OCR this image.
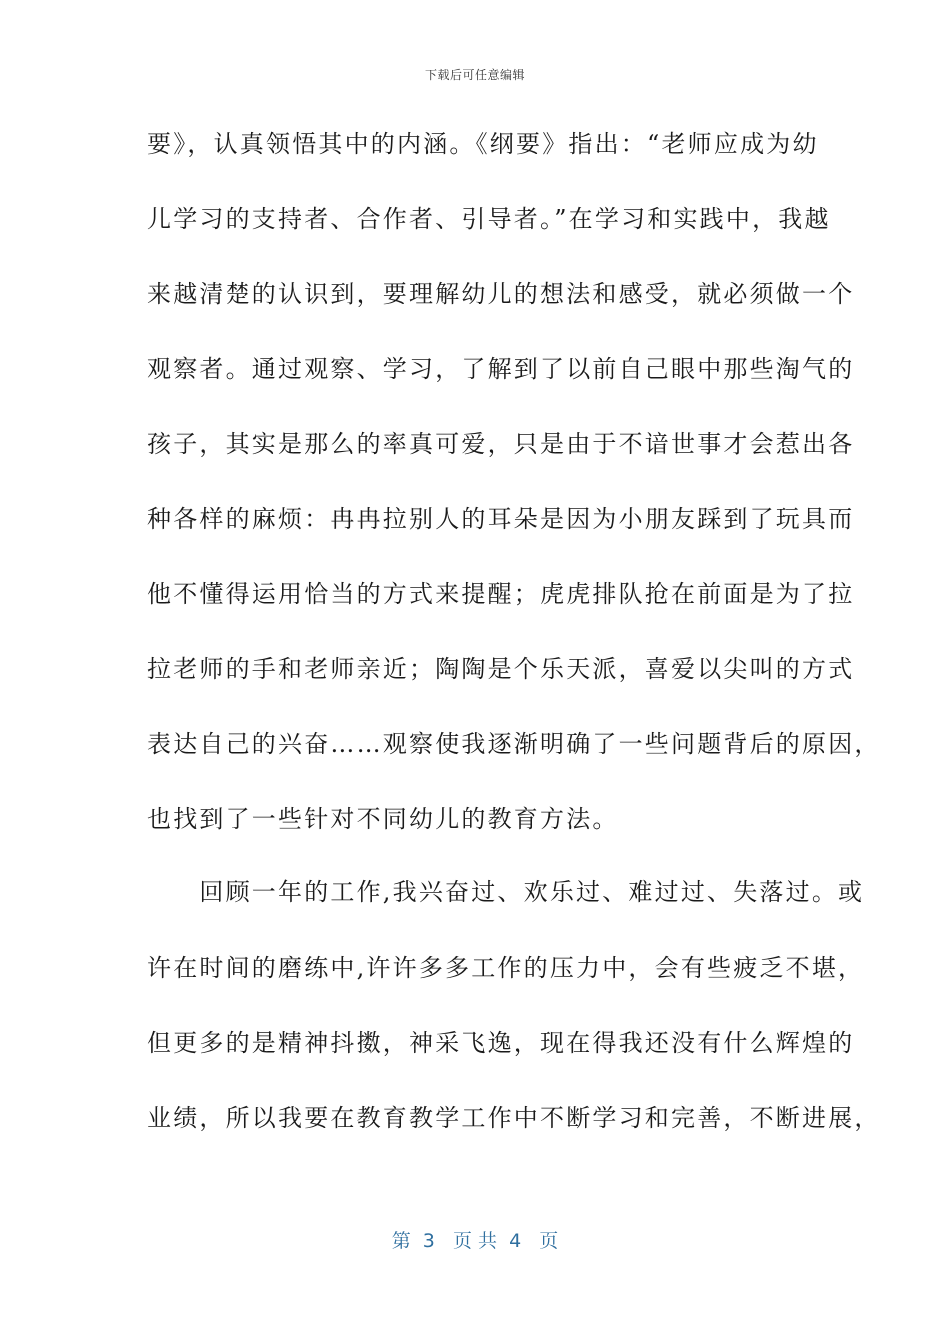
下载后可任意编辑
要》，认真领悟其中的内涵。《纲要》指出：“老师应成为幼
儿学习的支持者、合作者、引导者。”在学习和实践中，我越
来越清楚的认识到，要理解幼儿的想法和感受，就必须做一个
观察者。通过观察、学习，了解到了以前自己眼中那些淘气的
孩子，其实是那么的率真可爱，只是由于不谙世事才会惹出各
种各样的麻烦：冉冉拉别人的耳朵是因为小朋友踩到了玩具而
他不懂得运用恰当的方式来提醒；虎虎排队抢在前面是为了拉
拉老师的手和老师亲近；陶陶是个乐天派，喜爱以尖叫的方式
表达自己的兴奋……观察使我逐渐明确了一些问题背后的原因，
也找到了一些针对不同幼儿的教育方法。
　　回顾一年的工作,我兴奋过、欢乐过、难过过、失落过。或
许在时间的磨练中,许许多多工作的压力中，会有些疲乏不堪，
但更多的是精神抖擞，神采飞逸，现在得我还没有什么辉煌的
业绩，所以我要在教育教学工作中不断学习和完善，不断进展，
第  3   页 共  4   页
